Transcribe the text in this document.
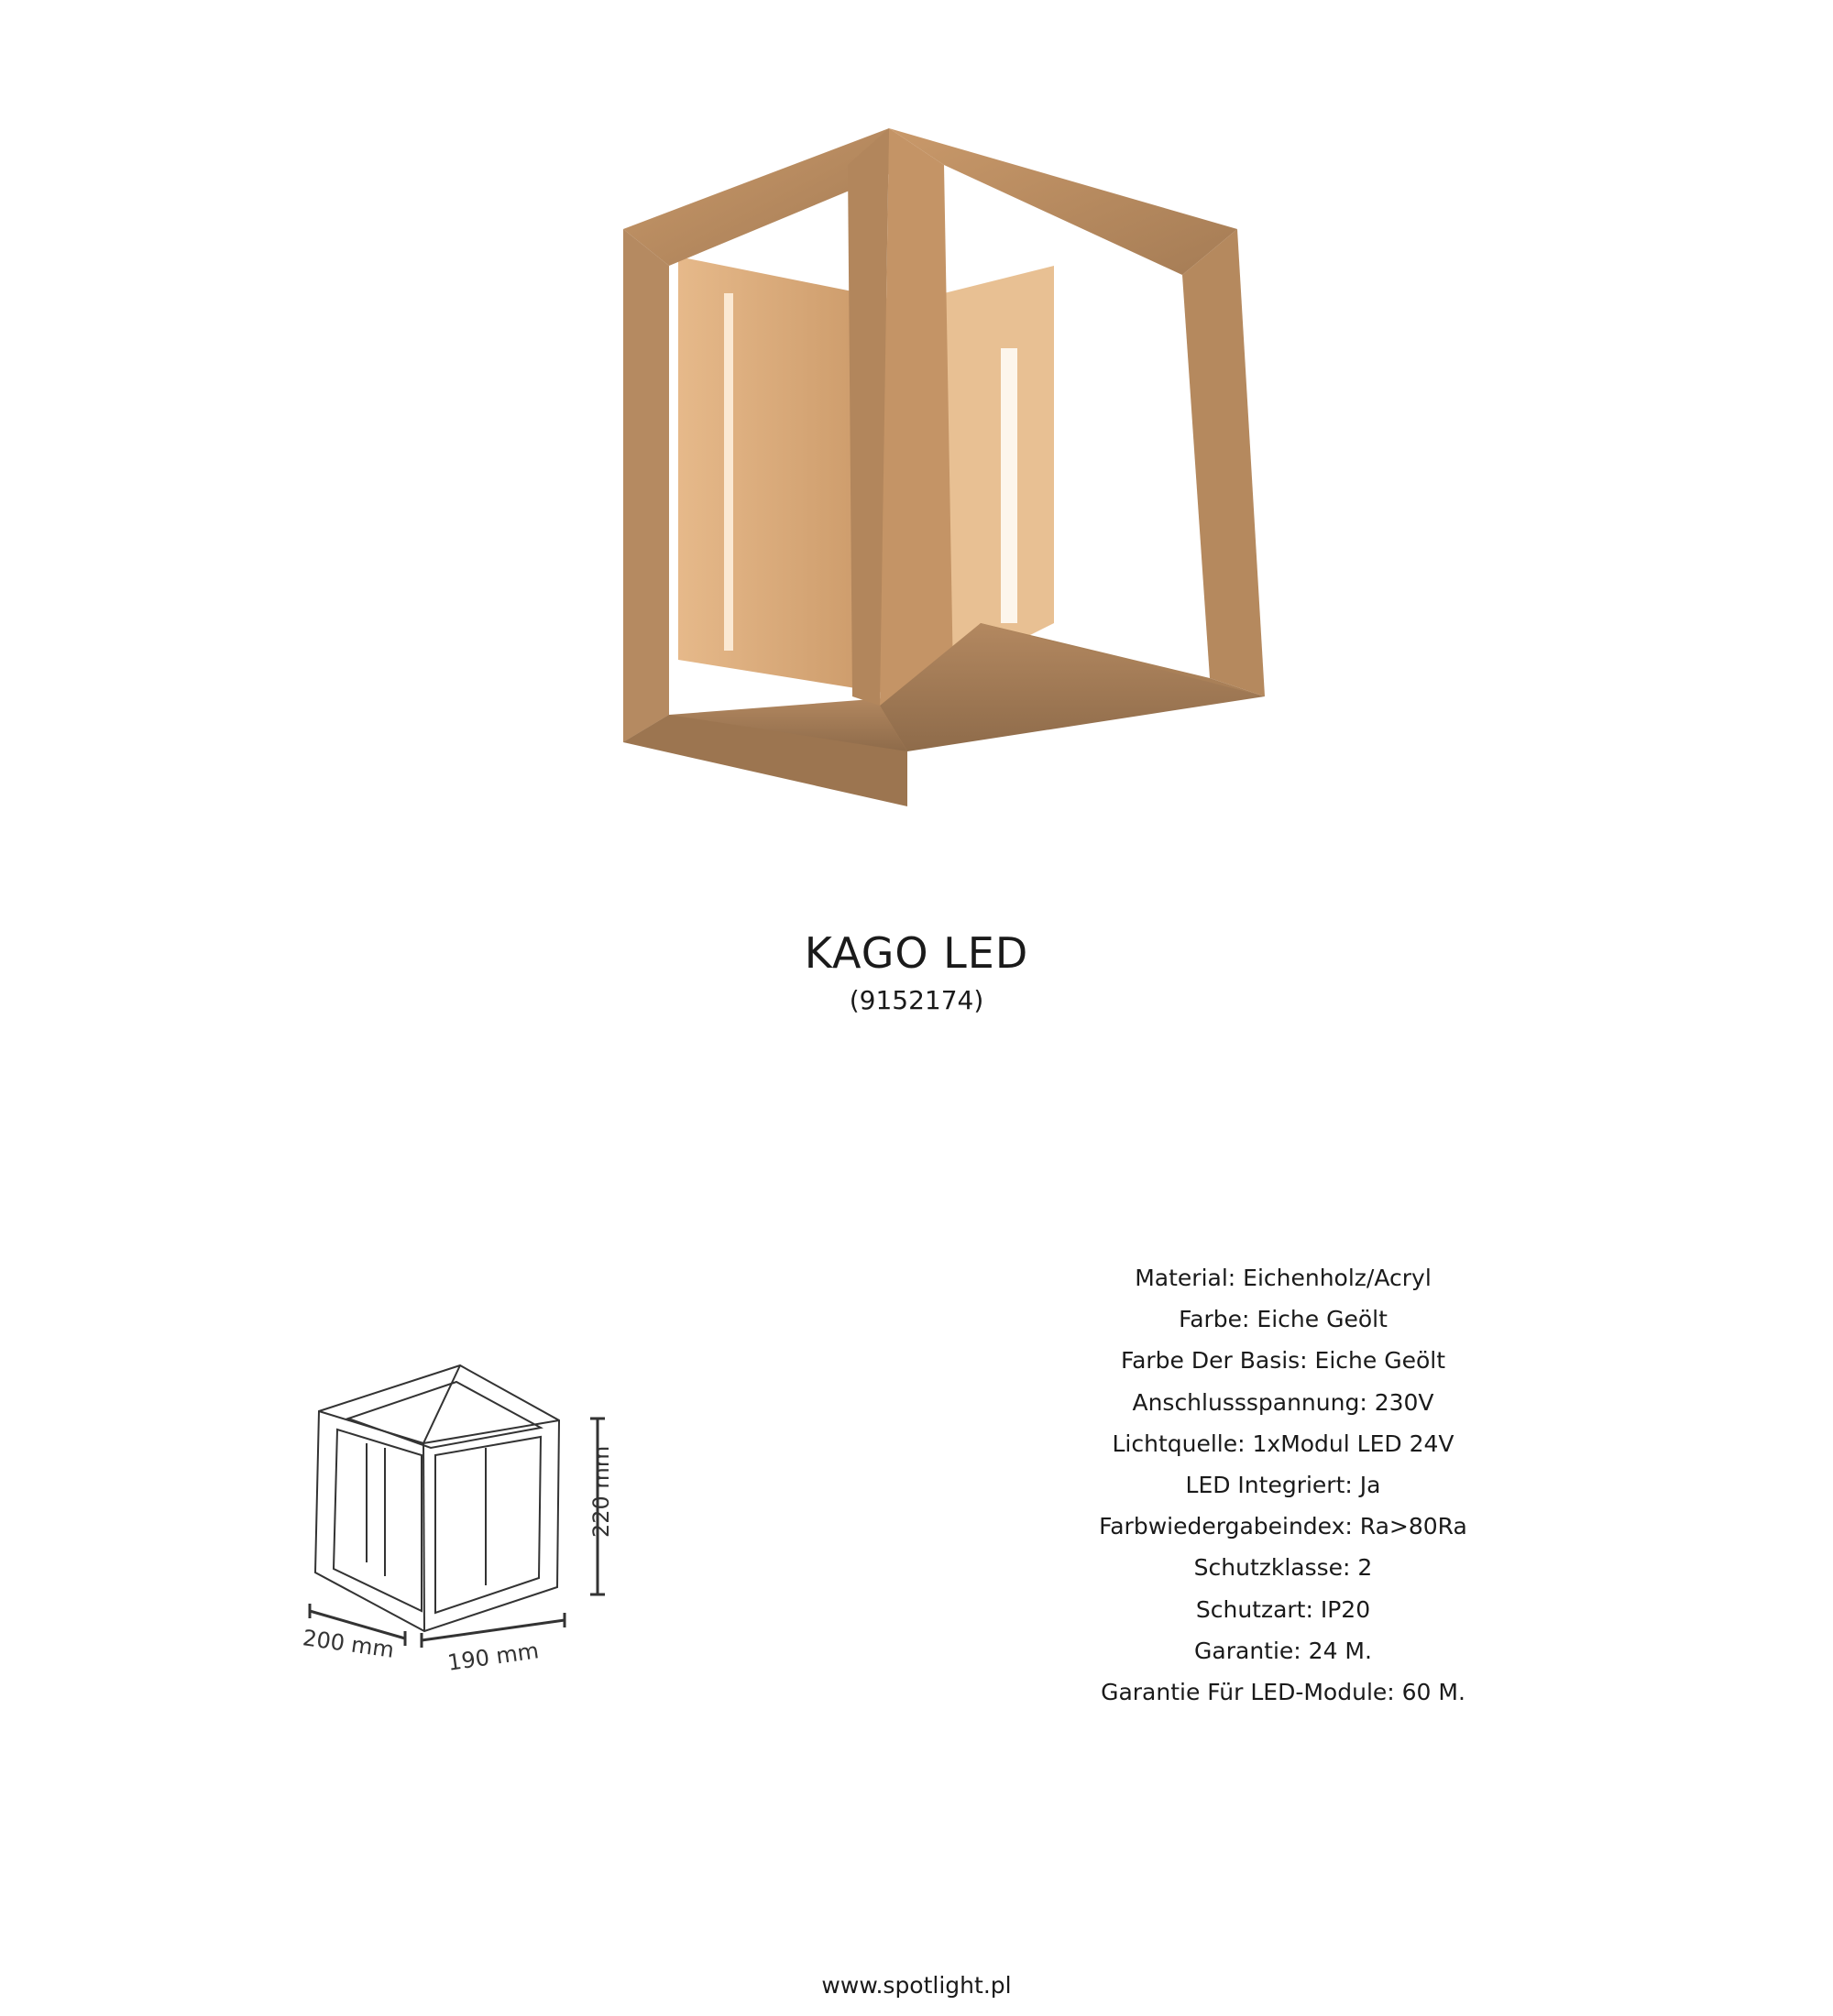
KAGO LED
(9152174)
200 mm 190 mm
220 mm
Material: Eichenholz/Acryl
Farbe: Eiche Geölt
Farbe Der Basis: Eiche Geölt
Anschlussspannung: 230V
Lichtquelle: 1xModul LED 24V
LED Integriert: Ja
Farbwiedergabeindex: Ra>80Ra
Schutzklasse: 2
Schutzart: IP20
Garantie: 24 M.
Garantie Für LED-Module: 60 M.
www.spotlight.pl
